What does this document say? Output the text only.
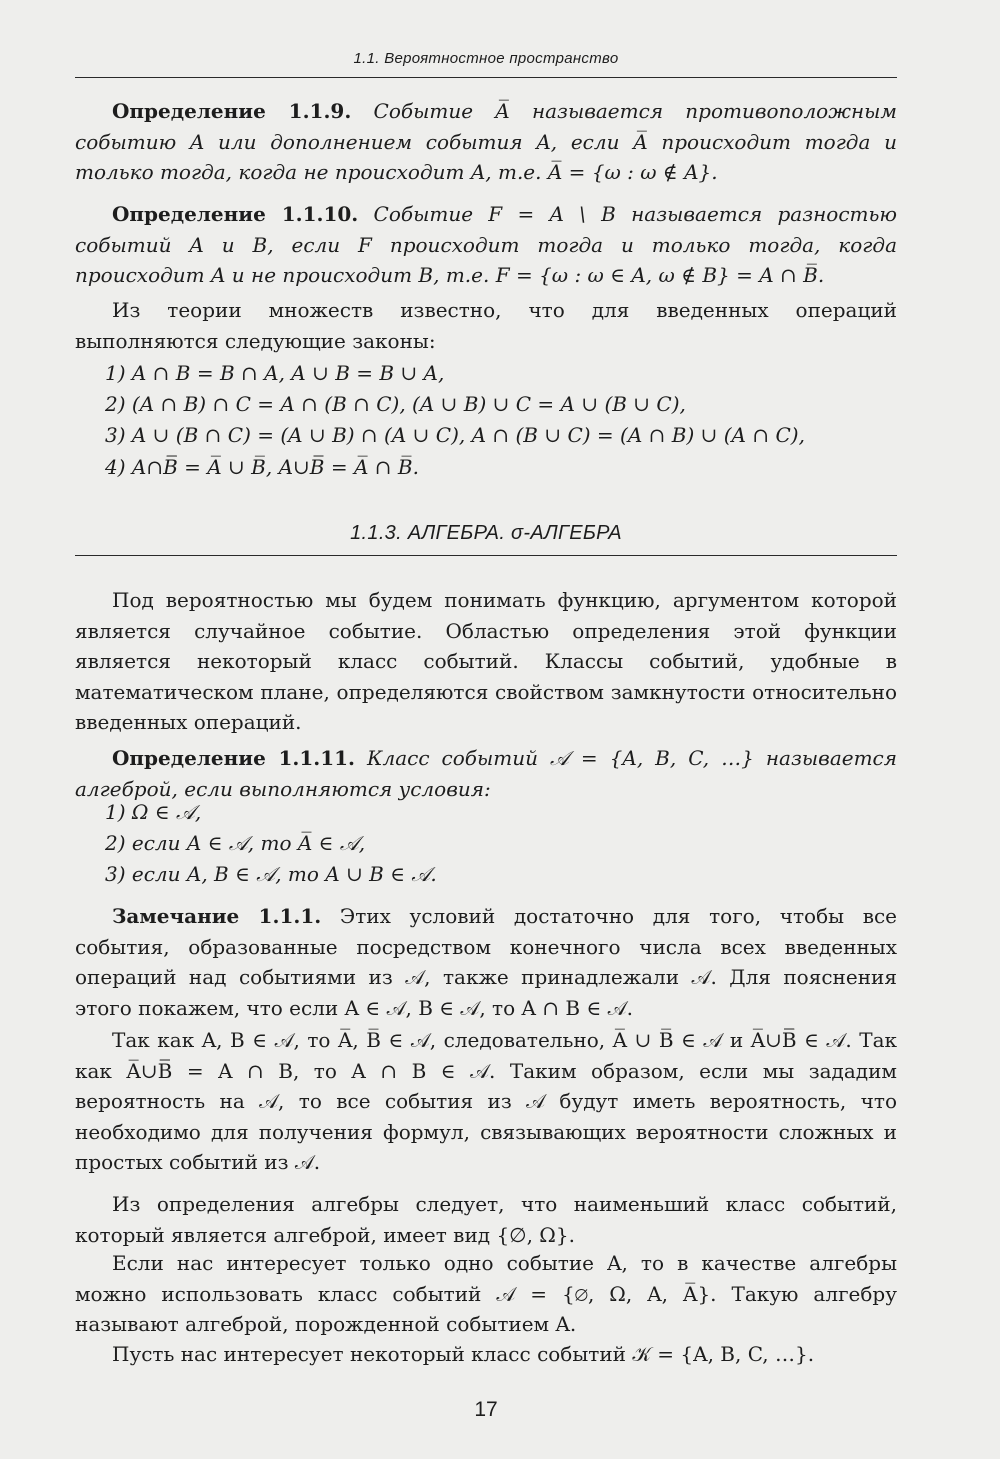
1.1. Вероятностное пространство
Определение 1.1.9. Событие A̅ называется противоположным событию A или дополнением события A, если A̅ происходит тогда и только тогда, когда не происходит A, т.е. A̅ = {ω : ω ∉ A}.
Определение 1.1.10. Событие F = A \ B называется разностью событий A и B, если F происходит тогда и только тогда, когда происходит A и не происходит B, т.е. F = {ω : ω ∈ A, ω ∉ B} = A ∩ B̅.
Из теории множеств известно, что для введенных операций выполняются следующие законы:
1) A ∩ B = B ∩ A, A ∪ B = B ∪ A,
2) (A ∩ B) ∩ C = A ∩ (B ∩ C), (A ∪ B) ∪ C = A ∪ (B ∪ C),
3) A ∪ (B ∩ C) = (A ∪ B) ∩ (A ∪ C), A ∩ (B ∪ C) = (A ∩ B) ∪ (A ∩ C),
4) A∩B̅̅̅̅ = A̅ ∪ B̅, A∪B̅̅̅̅ = A̅ ∩ B̅.
1.1.3. АЛГЕБРА. σ-АЛГЕБРА
Под вероятностью мы будем понимать функцию, аргументом которой является случайное событие. Областью определения этой функции является некоторый класс событий. Классы событий, удобные в математическом плане, определяются свойством замкнутости относительно введенных операций.
Определение 1.1.11. Класс событий 𝒜 = {A, B, C, …} называется алгеброй, если выполняются условия:
1) Ω ∈ 𝒜,
2) если A ∈ 𝒜, то A̅ ∈ 𝒜,
3) если A, B ∈ 𝒜, то A ∪ B ∈ 𝒜.
Замечание 1.1.1. Этих условий достаточно для того, чтобы все события, образованные посредством конечного числа всех введенных операций над событиями из 𝒜, также принадлежали 𝒜. Для пояснения этого покажем, что если A ∈ 𝒜, B ∈ 𝒜, то A ∩ B ∈ 𝒜.
Так как A, B ∈ 𝒜, то A̅, B̅ ∈ 𝒜, следовательно, A̅ ∪ B̅ ∈ 𝒜 и A̅∪B̅̅̅̅̅ ∈ 𝒜. Так как A̅∪B̅̅̅̅̅ = A ∩ B, то A ∩ B ∈ 𝒜. Таким образом, если мы зададим вероятность на 𝒜, то все события из 𝒜 будут иметь вероятность, что необходимо для получения формул, связывающих вероятности сложных и простых событий из 𝒜.
Из определения алгебры следует, что наименьший класс событий, который является алгеброй, имеет вид {∅, Ω}.
Если нас интересует только одно событие A, то в качестве алгебры можно использовать класс событий 𝒜 = {∅, Ω, A, A̅}. Такую алгебру называют алгеброй, порожденной событием A.
Пусть нас интересует некоторый класс событий 𝒦 = {A, B, C, …}.
17
